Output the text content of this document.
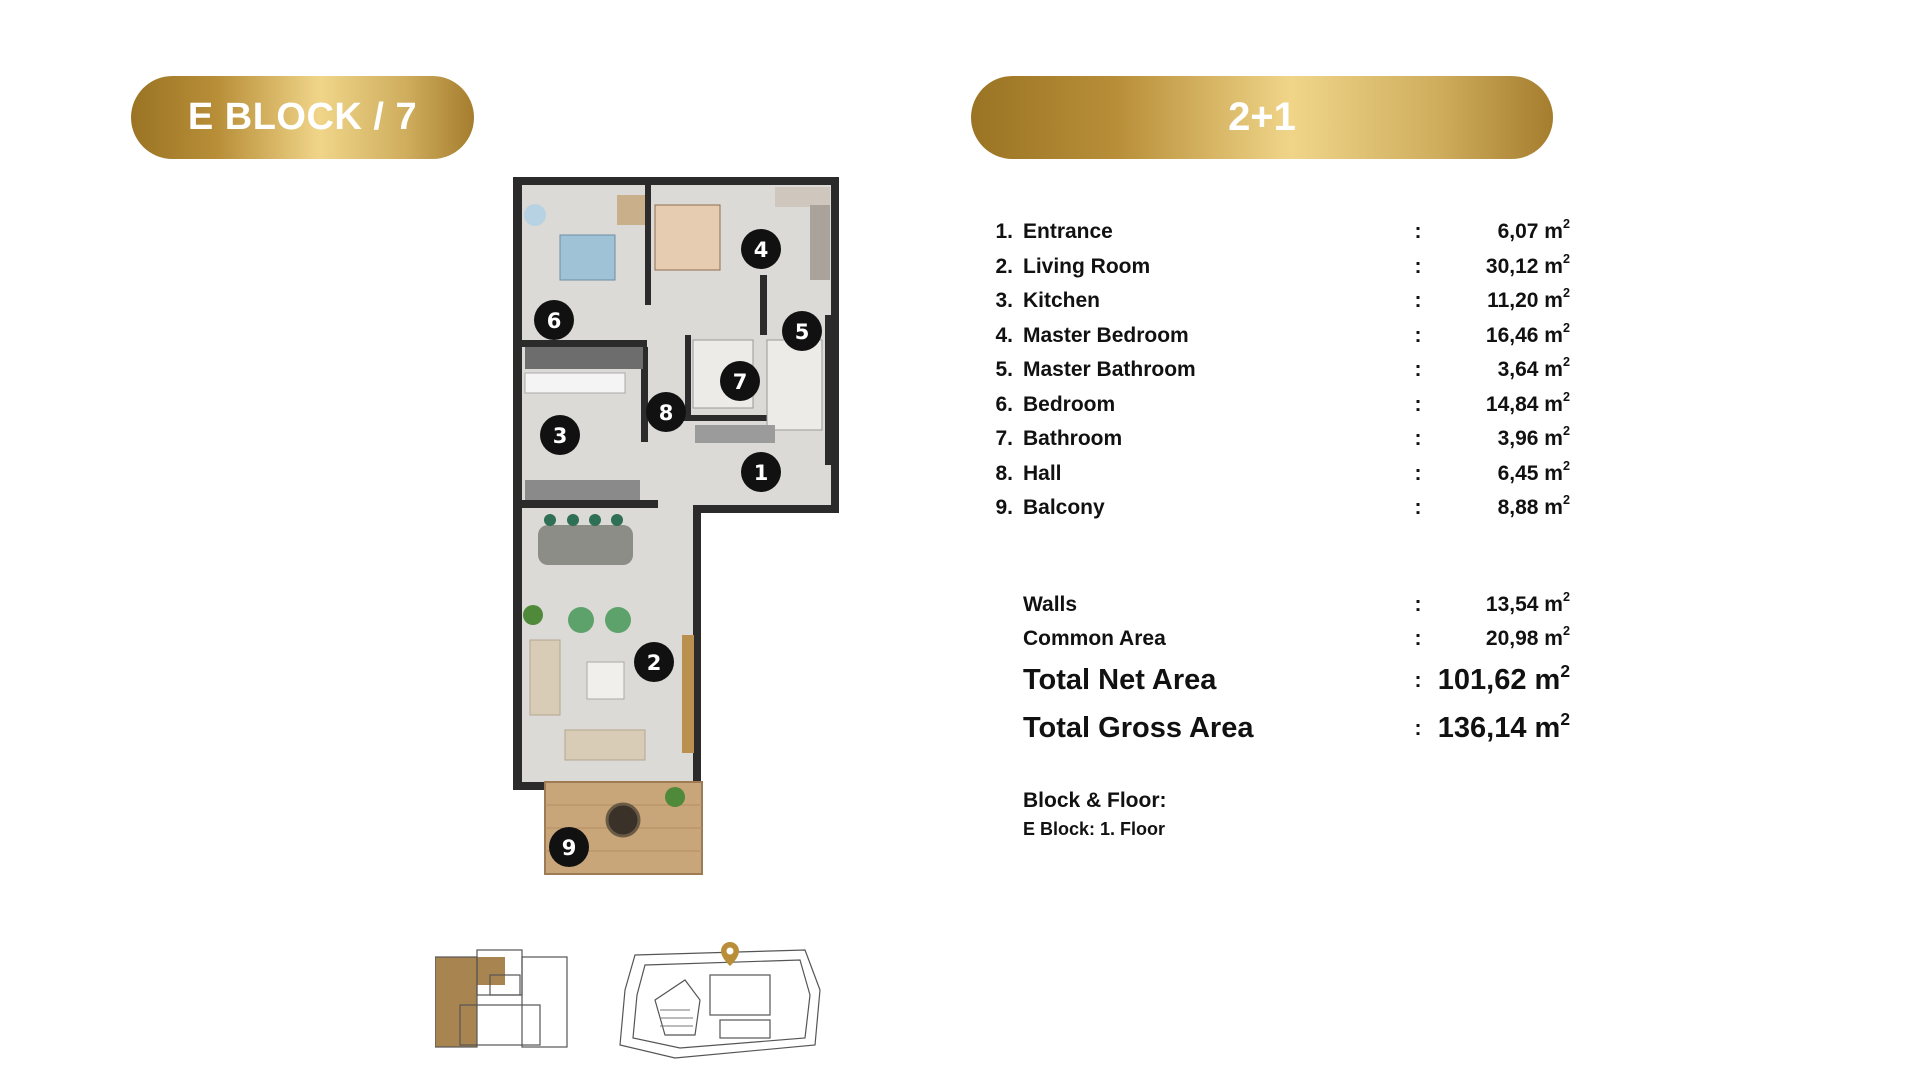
E BLOCK / 7	2+1
1
2
3
4
5
6
7
8
9
1. Entrance	:	6,07 $m^2$
2. Living Room	:	30,12 $m^2$
3. Kitchen	:	11,20 $m^2$
4. Master Bedroom	:	16,46 $m^2$
5. Master Bathroom	:	3,64 $m^2$
6. Bedroom	:	14,84 $m^2$
7. Bathroom	:	3,96 $m^2$
8. Hall	:	6,45 $m^2$
9. Balcony	:	8,88 $m^2$
Walls	:	13,54 $m^2$
Common Area	:	20,98 $m^2$
Total Net Area	: 101,62 $m^2$
Total Gross Area	: 136,14 $m^2$
Block & Floor:
E Block: 1. Floor
